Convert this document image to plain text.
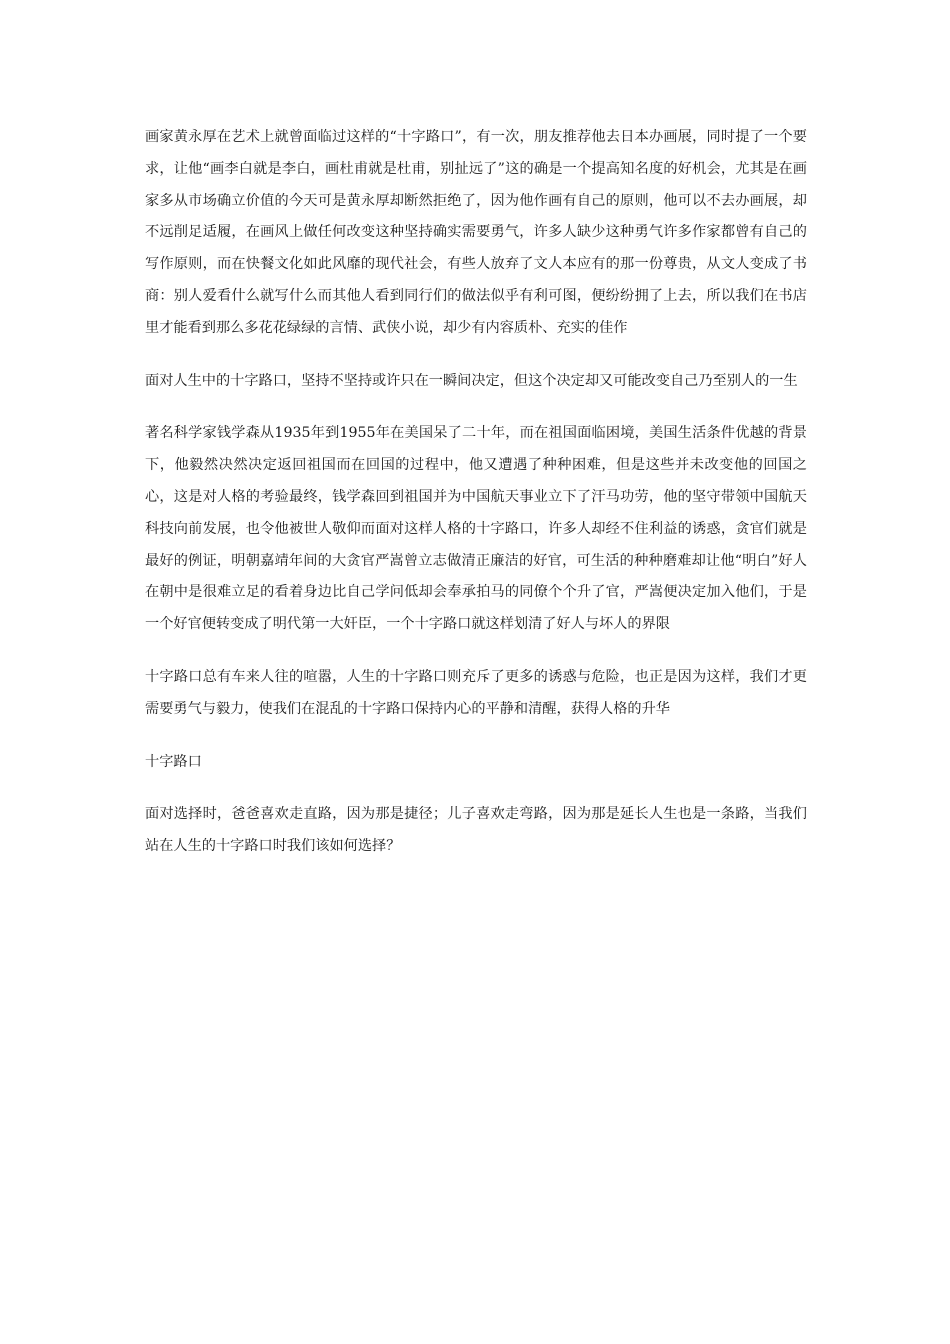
画家黄永厚在艺术上就曾面临过这样的“十字路口”，有一次，朋友推荐他去日本办画展，同时提了一个要求，让他“画李白就是李白，画杜甫就是杜甫，别扯远了”这的确是一个提高知名度的好机会，尤其是在画家多从市场确立价值的今天可是黄永厚却断然拒绝了，因为他作画有自己的原则，他可以不去办画展，却不远削足适履，在画风上做任何改变这种坚持确实需要勇气，许多人缺少这种勇气许多作家都曾有自己的写作原则，而在快餐文化如此风靡的现代社会，有些人放弃了文人本应有的那一份尊贵，从文人变成了书商：别人爱看什么就写什么而其他人看到同行们的做法似乎有利可图，便纷纷拥了上去，所以我们在书店里才能看到那么多花花绿绿的言情、武侠小说，却少有内容质朴、充实的佳作

面对人生中的十字路口，坚持不坚持或许只在一瞬间决定，但这个决定却又可能改变自己乃至别人的一生

著名科学家钱学森从1935年到1955年在美国呆了二十年，而在祖国面临困境，美国生活条件优越的背景下，他毅然决然决定返回祖国而在回国的过程中，他又遭遇了种种困难，但是这些并未改变他的回国之心，这是对人格的考验最终，钱学森回到祖国并为中国航天事业立下了汗马功劳，他的坚守带领中国航天科技向前发展，也令他被世人敬仰而面对这样人格的十字路口，许多人却经不住利益的诱惑，贪官们就是最好的例证，明朝嘉靖年间的大贪官严嵩曾立志做清正廉洁的好官，可生活的种种磨难却让他“明白”好人在朝中是很难立足的看着身边比自己学问低却会奉承拍马的同僚个个升了官，严嵩便决定加入他们，于是一个好官便转变成了明代第一大奸臣，一个十字路口就这样划清了好人与坏人的界限

十字路口总有车来人往的喧嚣，人生的十字路口则充斥了更多的诱惑与危险，也正是因为这样，我们才更需要勇气与毅力，使我们在混乱的十字路口保持内心的平静和清醒，获得人格的升华

十字路口

面对选择时，爸爸喜欢走直路，因为那是捷径；儿子喜欢走弯路，因为那是延长人生也是一条路，当我们站在人生的十字路口时我们该如何选择？
